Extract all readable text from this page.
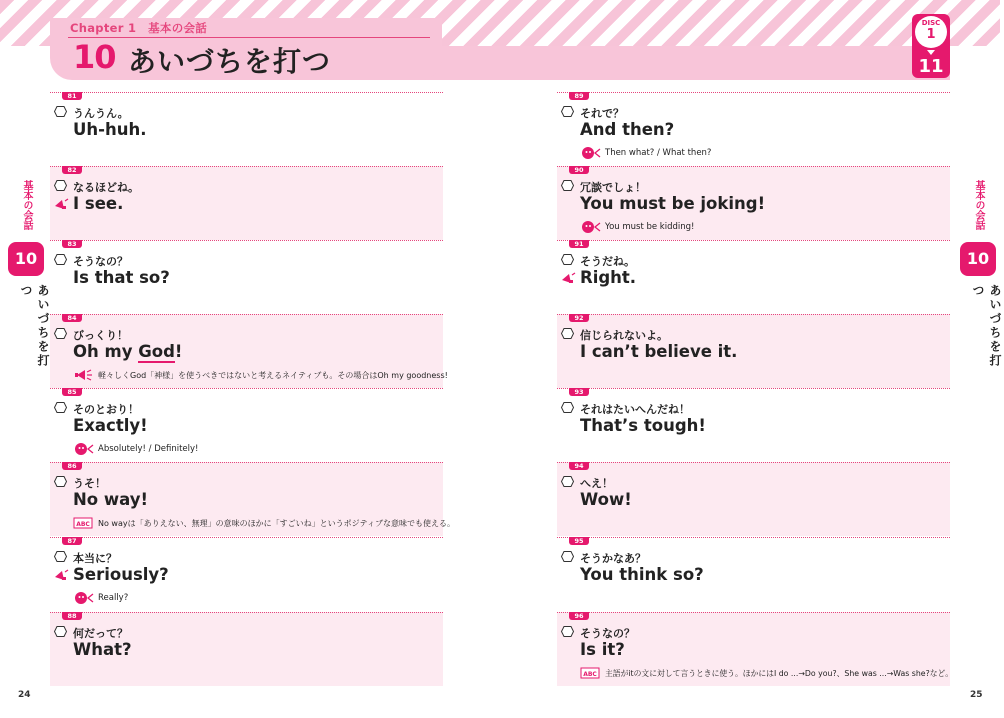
Chapter 1　基本の会話
10 あいづちを打つ
DISC
1
11
基本の会話
10
あいづちを打つ
基本の会話
10
あいづちを打つ
81
うんうん。
Uh-huh.
82
なるほどね。
I see.
83
そうなの？
Is that so?
84
びっくり！
Oh my God!
軽々しくGod「神様」を使うべきではないと考えるネイティブも。その場合はOh my goodness!
85
そのとおり！
Exactly!
Absolutely! / Definitely!
86
うそ！
No way!
ABC No wayは「ありえない、無理」の意味のほかに「すごいね」というポジティブな意味でも使える。
87
本当に？
Seriously?
Really?
88
何だって？
What?
89
それで？
And then?
Then what? / What then?
90
冗談でしょ！
You must be joking!
You must be kidding!
91
そうだね。
Right.
92
信じられないよ。
I can’t believe it.
93
それはたいへんだね！
That’s tough!
94
へえ！
Wow!
95
そうかなあ？
You think so?
96
そうなの？
Is it?
ABC 主語がitの文に対して言うときに使う。ほかにはI do ...→Do you?、She was ...→Was she?など。
24	25
